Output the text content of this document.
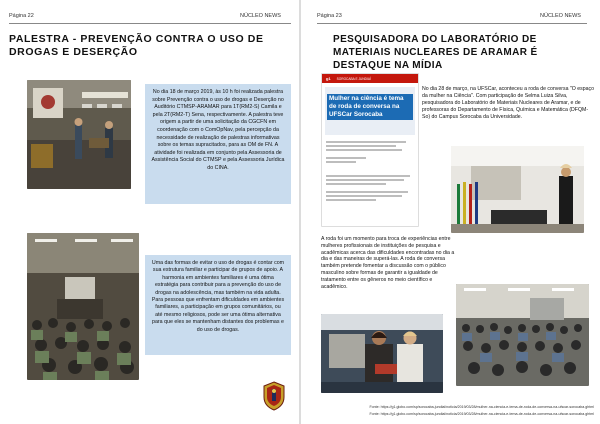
Página 22	NÚCLEO NEWS
PALESTRA - PREVENÇÃO CONTRA O USO DE DROGAS E DESERÇÃO
No dia 18 de março 2019, às 10 h foi realizada palestra sobre Prevenção contra o uso de drogas e Deserção no Auditório CTMSP-ARAMAR para 1T(RM2-S) Camila e pela 2T(RM2-T) Sena, respectivamente. A palestra teve origem a partir de uma solicitação da CGCFN em coordenação com o ComOpNav, pela percepção da necessidade de realização de palestras informativas sobre os temas supracitados, para as OM de FN. A atividade foi realizada em conjunto pela Assessoria de Assistência Social do CTMSP e pela Assessoria Jurídica do CINA.
Uma das formas de evitar o uso de drogas é contar com sua estrutura familiar e participar de grupos de apoio. A harmonia em ambientes familiares é uma ótima estratégia para contribuir para a prevenção do uso de drogas na adolescência, mas também na vida adulta. Para pessoas que enfrentam dificuldades em ambientes familiares, a participação em grupos comunitários, ou até mesmo religiosos, pode ser uma ótima alternativa para que eles se mantenham distantes dos problemas e do uso de drogas.
Página 23	NÚCLEO NEWS
PESQUISADORA DO LABORATÓRIO DE MATERIAIS NUCLEARES DE ARAMAR É DESTAQUE NA MÍDIA
g1 SOROCABA E JUNDIAÍ
Mulher na ciência é tema de roda de conversa na UFSCar Sorocaba
No dia 28 de março, na UFSCar, aconteceu a roda de conversa "O espaço da mulher na Ciência". Com participação de Selma Luiza Silva, pesquisadora do Laboratório de Materiais Nucleares de Aramar, e de professoras do Departamento de Física, Química e Matemática (DFQM-So) do Campus Sorocaba da Universidade.
A roda foi um momento para troca de experiências entre mulheres profissionais de instituições de pesquisa e acadêmicas acerca das dificuldades encontradas no dia a dia e das maneiras de superá-las. A roda de conversa também pretende fomentar a discussão com o público masculino sobre formas de garantir a igualdade de tratamento entre os gêneros no meio científico e acadêmico.
Fonte: https://g1.globo.com/sp/sorocaba-jundiai/noticia/2019/03/28/mulher-na-ciencia-e-tema-de-roda-de-conversa-na-ufscar-sorocaba.ghtml
Fonte: https://g1.globo.com/sp/sorocaba-jundiai/noticia/2019/03/28/mulher-na-ciencia-e-tema-de-roda-de-conversa-na-ufscar-sorocaba.ghtml
